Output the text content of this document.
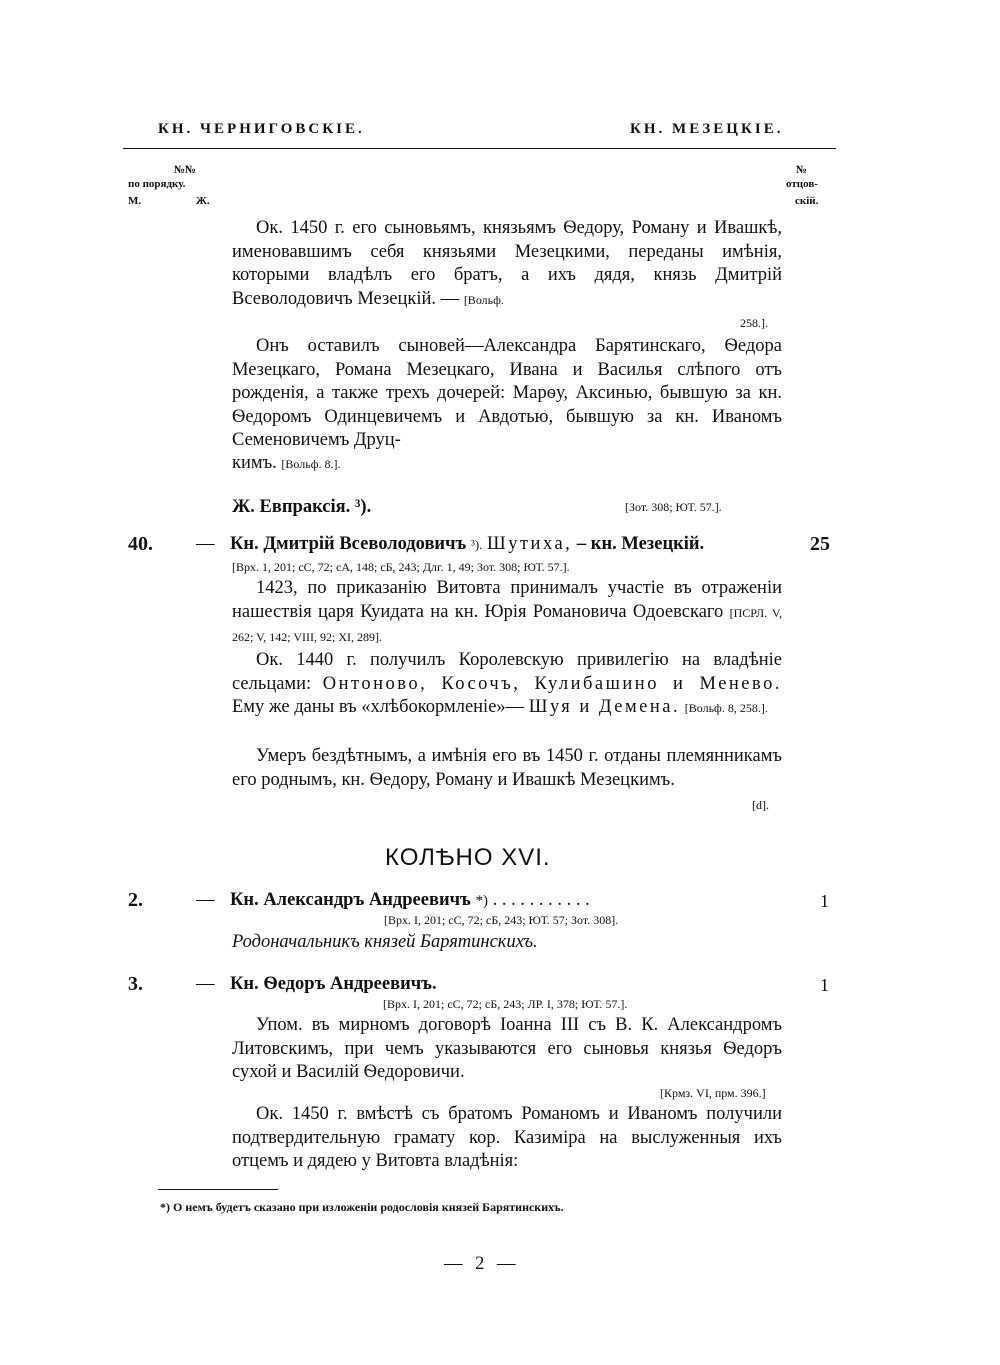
КН. ЧЕРНИГОВСКІЕ.	КН. МЕЗЕЦКІЕ.
№№
по порядку.
М.	Ж.
№
отцов-
скій.

Ок. 1450 г. его сыновьямъ, князьямъ Ѳедору, Роману и Ивашкѣ, именовавшимъ себя князьями Мезецкими, переданы имѣнія, которыми владѣлъ его братъ, а ихъ дядя, князь Дмитрій Всеволодовичъ Мезецкій. — [Вольф.

258.].

Онъ оставилъ сыновей—Александра Барятинскаго, Ѳедора Мезецкаго, Романа Мезецкаго, Ивана и Василья слѣпого отъ рожденія, а также трехъ дочерей: Марѳу, Аксинью, бывшую за кн. Ѳедоромъ Одинцевичемъ и Авдотью, бывшую за кн. Иваномъ Семеновичемъ Друц-

кимъ. [Вольф. 8.].
Ж. Евпраксія. ³).	[Зот. 308; ЮТ. 57.].
40. — Кн. Дмитрій Всеволодовичъ ³). Шутиха, – кн. Мезецкій.	25
[Врх. 1, 201; сС, 72; сА, 148; сБ, 243; Длг. 1, 49; Зот. 308; ЮТ. 57.].

1423, по приказанію Витовта принималъ участіе въ отраженіи нашествія царя Куидата на кн. Юрія Романовича Одоевскаго [ПСРЛ. V, 262; V, 142; VIII, 92; XI, 289].

Ок. 1440 г. получилъ Королевскую привилегію на владѣніе сельцами: Онтоново, Косочъ, Кулибашино и Менево. Ему же даны въ «хлѣбокормленіе»— Шуя и Демена. [Вольф. 8, 258.].

Умеръ бездѣтнымъ, а имѣнія его въ 1450 г. отданы племянникамъ его роднымъ, кн. Ѳедору, Роману и Ивашкѣ Мезецкимъ.

[d].
КОЛѢНО XVI.
2.	— Кн. Александръ Андреевичъ *) . . . . . . . . . . .	1
[Врх. I, 201; сС, 72; сБ, 243; ЮТ. 57; Зот. 308].
Родоначальникъ князей Барятинскихъ.
3.	— Кн. Ѳедоръ Андреевичъ.	1
[Врх. I, 201; сС, 72; сБ, 243; ЛР. I, 378; ЮТ. 57.].

Упом. въ мирномъ договорѣ Іоанна III съ В. К. Александромъ Литовскимъ, при чемъ указываются его сыновья князья Ѳедоръ сухой и Василій Ѳедоровичи.

[Крмз. VI, прм. 396.]

Ок. 1450 г. вмѣстѣ съ братомъ Романомъ и Иваномъ получили подтвердительную грамату кор. Казиміра на выслуженныя ихъ отцемъ и дядею у Витовта владѣнія:

*) О немъ будетъ сказано при изложеніи родословія князей Барятинскихъ.
— 2 —
